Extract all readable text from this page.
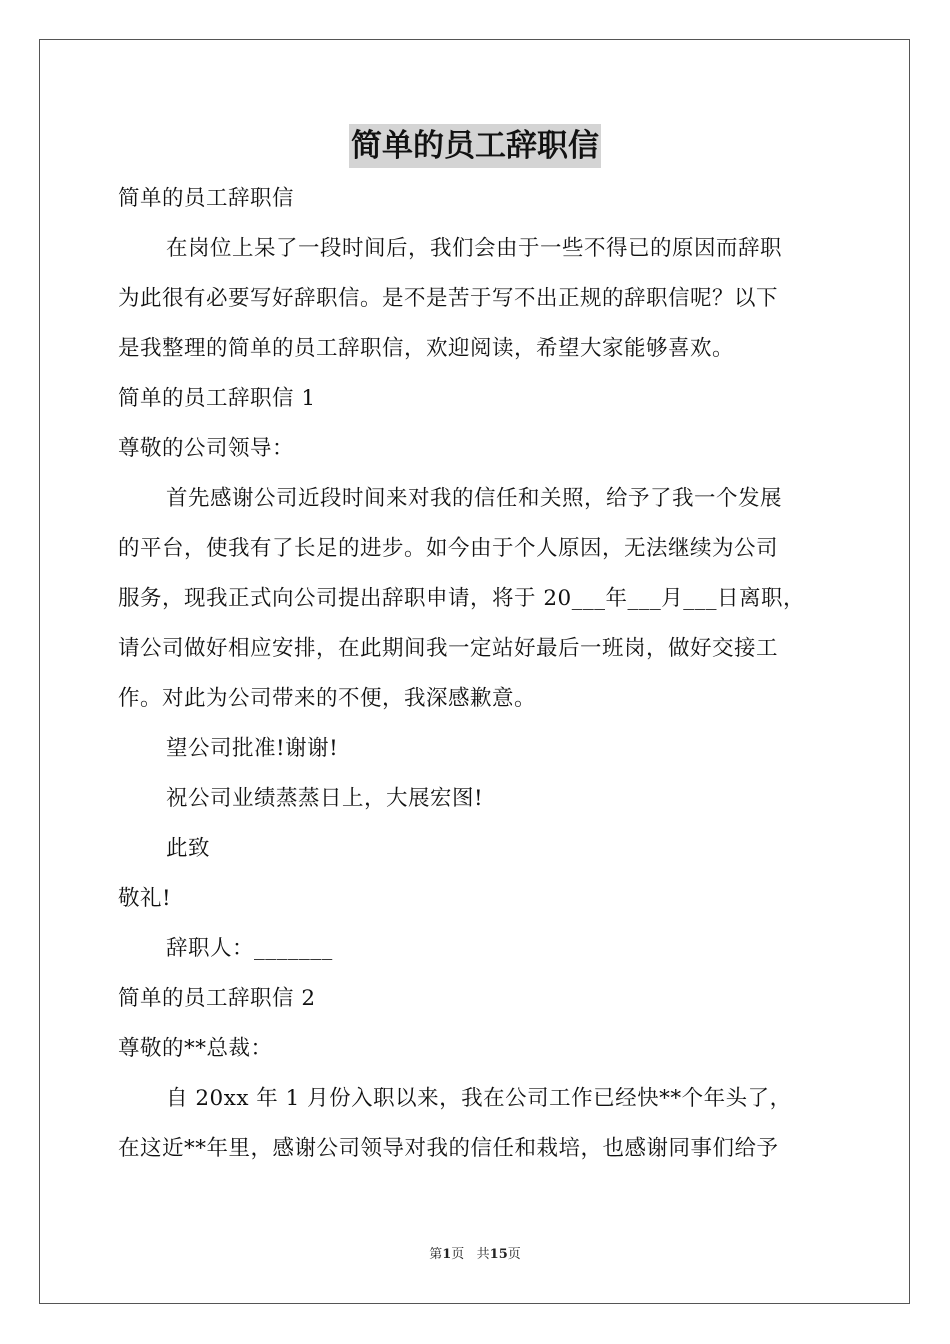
简单的员工辞职信
简单的员工辞职信
在岗位上呆了一段时间后，我们会由于一些不得已的原因而辞职
为此很有必要写好辞职信。是不是苦于写不出正规的辞职信呢？以下
是我整理的简单的员工辞职信，欢迎阅读，希望大家能够喜欢。
简单的员工辞职信 1
尊敬的公司领导：
首先感谢公司近段时间来对我的信任和关照，给予了我一个发展
的平台，使我有了长足的进步。如今由于个人原因，无法继续为公司
服务，现我正式向公司提出辞职申请，将于 20___年___月___日离职，
请公司做好相应安排，在此期间我一定站好最后一班岗，做好交接工
作。对此为公司带来的不便，我深感歉意。
望公司批准!谢谢!
祝公司业绩蒸蒸日上，大展宏图!
此致
敬礼!
辞职人：_______
简单的员工辞职信 2
尊敬的**总裁：
自 20xx 年 1 月份入职以来，我在公司工作已经快**个年头了，
在这近**年里，感谢公司领导对我的信任和栽培，也感谢同事们给予
第1页   共15页
